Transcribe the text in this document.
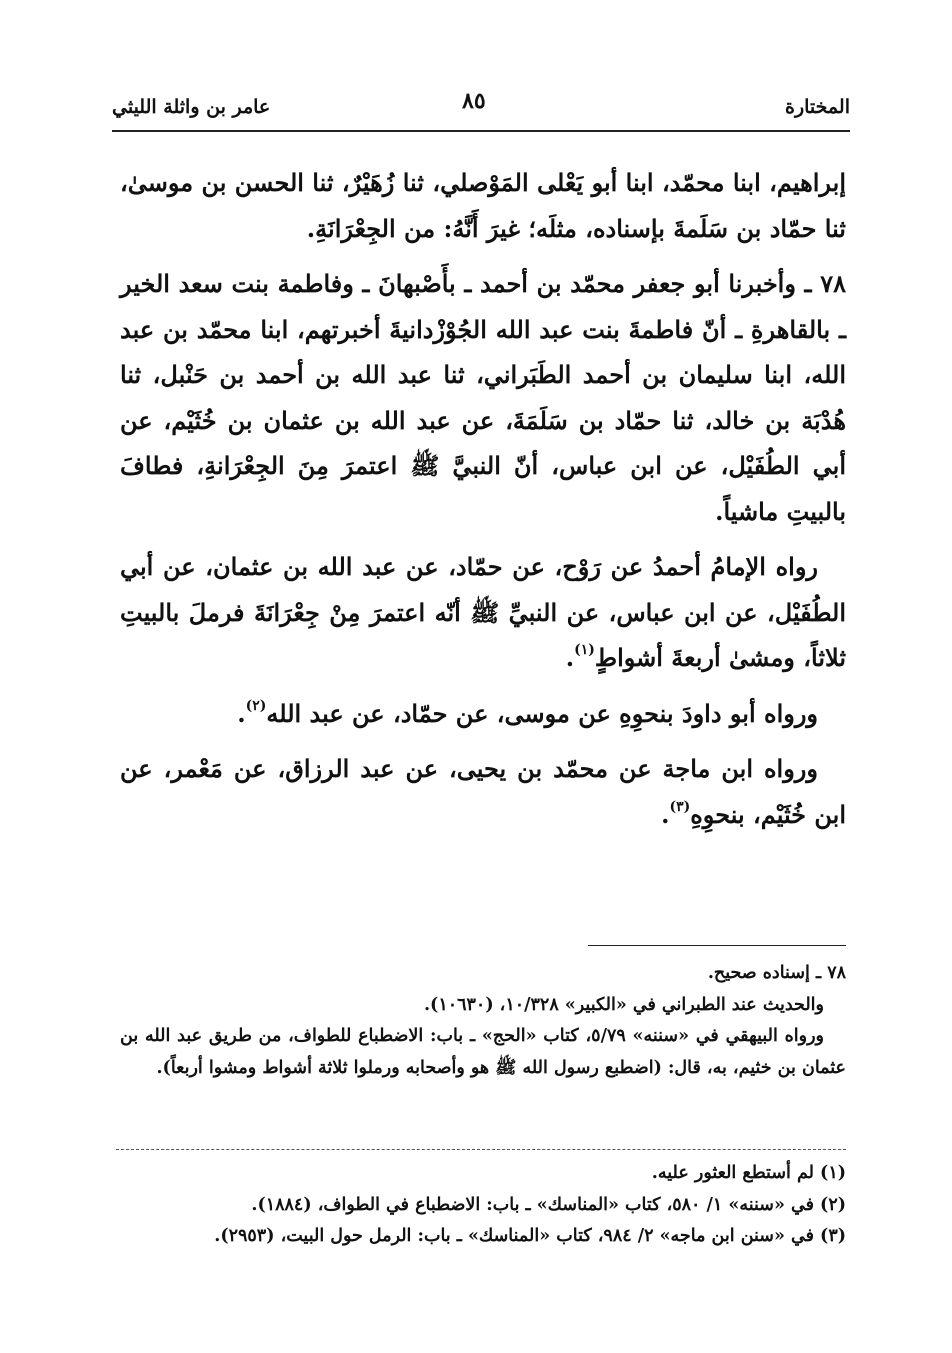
المختارة
٨٥
عامر بن واثلة الليثي

إبراهيم، ابنا محمّد، ابنا أبو يَعْلى المَوْصلي، ثنا زُهَيْرٌ، ثنا الحسن بن موسىٰ، ثنا حمّاد بن سَلَمةَ بإسناده، مثلَه؛ غيرَ أَنَّهُ: من الجِعْرَانَةِ.

٧٨ ـ وأخبرنا أبو جعفر محمّد بن أحمد ـ بأَصْبهانَ ـ وفاطمة بنت سعد الخير ـ بالقاهرةِ ـ أنّ فاطمةَ بنت عبد الله الجُوْزْدانيةَ أخبرتهم، ابنا محمّد بن عبد الله، ابنا سليمان بن أحمد الطَبَراني، ثنا عبد الله بن أحمد بن حَنْبل، ثنا هُدْبَة بن خالد، ثنا حمّاد بن سَلَمَةَ، عن عبد الله بن عثمان بن خُثَيْم، عن أبي الطُفَيْل، عن ابن عباس، أنّ النبيَّ ﷺ اعتمرَ مِنَ الجِعْرَانةِ، فطافَ بالبيتِ ماشياً.

رواه الإمامُ أحمدُ عن رَوْح، عن حمّاد، عن عبد الله بن عثمان، عن أبي الطُفَيْل، عن ابن عباس، عن النبيِّ ﷺ أنّه اعتمرَ مِنْ جِعْرَانَةَ فرملَ بالبيتِ ثلاثاً، ومشىٰ أربعةَ أشواطٍ$^{(١)}$.

ورواه أبو داودَ بنحوِهِ عن موسى، عن حمّاد، عن عبد الله$^{(٢)}$.

ورواه ابن ماجة عن محمّد بن يحيى، عن عبد الرزاق، عن مَعْمر، عن ابن خُثَيْم، بنحوِهِ$^{(٣)}$.

٧٨ ـ إسناده صحيح.

والحديث عند الطبراني في «الكبير» ١٠/٣٢٨، (١٠٦٣٠).

ورواه البيهقي في «سننه» ٥/٧٩، كتاب «الحج» ـ باب: الاضطباع للطواف، من طريق عبد الله بن عثمان بن خثيم، به، قال: (اضطبع رسول الله ﷺ هو وأصحابه ورملوا ثلاثة أشواط ومشوا أربعاً).

(١) لم أستطع العثور عليه.

(٢) في «سننه» ١/ ٥٨٠، كتاب «المناسك» ـ باب: الاضطباع في الطواف، (١٨٨٤).

(٣) في «سنن ابن ماجه» ٢/ ٩٨٤، كتاب «المناسك» ـ باب: الرمل حول البيت، (٢٩٥٣).
